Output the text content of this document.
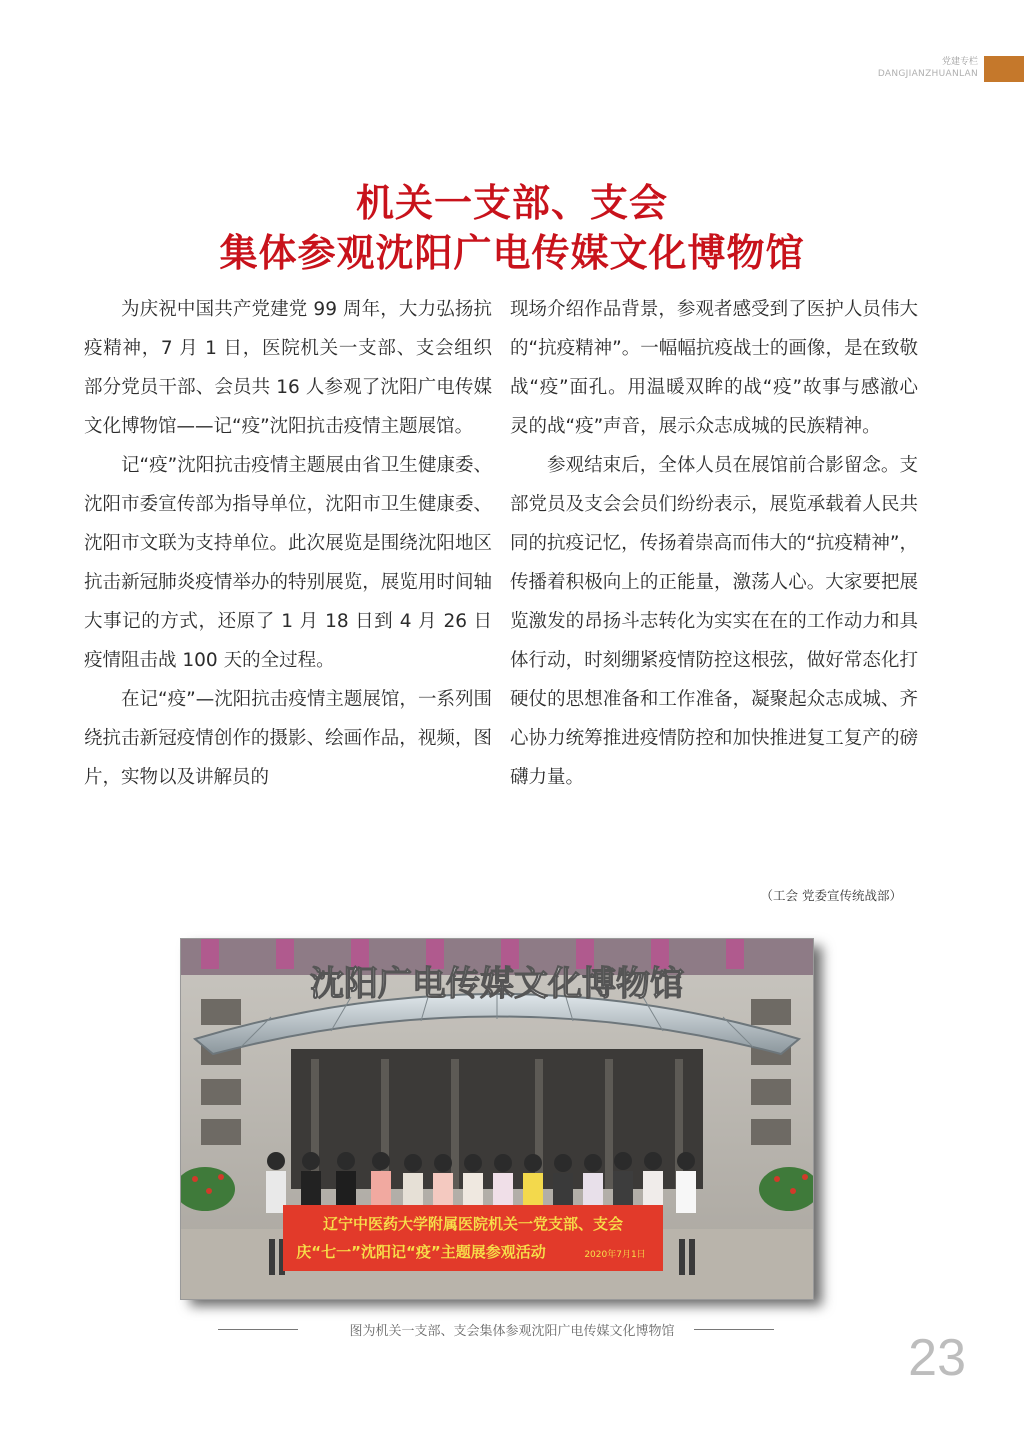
党建专栏
DANGJIANZHUANLAN
机关一支部、支会
集体参观沈阳广电传媒文化博物馆

为庆祝中国共产党建党 99 周年，大力弘扬抗疫精神，7 月 1 日，医院机关一支部、支会组织部分党员干部、会员共 16 人参观了沈阳广电传媒文化博物馆——记“疫”沈阳抗击疫情主题展馆。

记“疫”沈阳抗击疫情主题展由省卫生健康委、沈阳市委宣传部为指导单位，沈阳市卫生健康委、沈阳市文联为支持单位。此次展览是围绕沈阳地区抗击新冠肺炎疫情举办的特别展览，展览用时间轴大事记的方式，还原了 1 月 18 日到 4 月 26 日疫情阻击战 100 天的全过程。

在记“疫”—沈阳抗击疫情主题展馆，一系列围绕抗击新冠疫情创作的摄影、绘画作品，视频，图片，实物以及讲解员的

现场介绍作品背景，参观者感受到了医护人员伟大的“抗疫精神”。一幅幅抗疫战士的画像，是在致敬战“疫”面孔。用温暖双眸的战“疫”故事与感澈心灵的战“疫”声音，展示众志成城的民族精神。

参观结束后，全体人员在展馆前合影留念。支部党员及支会会员们纷纷表示，展览承载着人民共同的抗疫记忆，传扬着崇高而伟大的“抗疫精神”，传播着积极向上的正能量，激荡人心。大家要把展览激发的昂扬斗志转化为实实在在的工作动力和具体行动，时刻绷紧疫情防控这根弦，做好常态化打硬仗的思想准备和工作准备，凝聚起众志成城、齐心协力统筹推进疫情防控和加快推进复工复产的磅礴力量。

（工会 党委宣传统战部）
沈阳广电传媒文化博物馆
辽宁中医药大学附属医院机关一党支部、支会
庆“七一”沈阳记“疫”主题展参观活动	2020年7月1日
图为机关一支部、支会集体参观沈阳广电传媒文化博物馆	23
